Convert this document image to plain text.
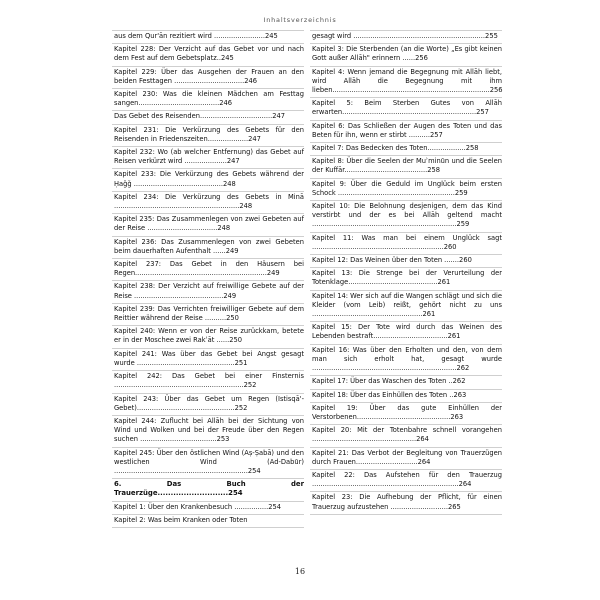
Inhaltsverzeichnis
aus dem Qur'ān rezitiert wird ........................245
Kapitel 228: Der Verzicht auf das Gebet vor und nach dem Fest auf dem Gebetsplatz..245
Kapitel 229: Über das Ausgehen der Frauen an den beiden Festtagen .................................246
Kapitel 230: Was die kleinen Mädchen am Festtag sangen......................................246
Das Gebet des Reisenden..................................247
Kapitel 231: Die Verkürzung des Gebets für den Reisenden in Friedenszeiten...................247
Kapitel 232: Wo (ab welcher Entfernung) das Gebet auf Reisen verkürzt wird ....................247
Kapitel 233: Die Verkürzung des Gebets während der Ḥaǧǧ ..........................................248
Kapitel 234: Die Verkürzung des Gebets in Minā ...........................................................248
Kapitel 235: Das Zusammenlegen von zwei Gebeten auf der Reise .................................248
Kapitel 236: Das Zusammenlegen von zwei Gebeten beim dauerhaften Aufenthalt ......249
Kapitel 237: Das Gebet in den Häusern bei Regen..............................................................249
Kapitel 238: Der Verzicht auf freiwillige Gebete auf der Reise ..........................................249
Kapitel 239: Das Verrichten freiwilliger Gebete auf dem Reittier während der Reise ..........250
Kapitel 240: Wenn er von der Reise zurückkam, betete er in der Moschee zwei Rakʿāt ......250
Kapitel 241: Was über das Gebet bei Angst gesagt wurde ..............................................251
Kapitel 242: Das Gebet bei einer Finsternis .............................................................252
Kapitel 243: Über das Gebet um Regen (Istisqā'-Gebet)..............................................252
Kapitel 244: Zuflucht bei Allāh bei der Sichtung von Wind und Wolken und bei der Freude über den Regen suchen ....................................253
Kapitel 245: Über den östlichen Wind (Aṣ-Ṣabā) und den westlichen Wind (Ad-Dabūr) ...............................................................254
6. Das Buch der Trauerzüge...........................254
Kapitel 1: Über den Krankenbesuch ................254
Kapitel 2: Was beim Kranken oder Toten
gesagt wird ..............................................................255
Kapitel 3: Die Sterbenden (an die Worte) „Es gibt keinen Gott außer Allāh" erinnern ......256
Kapitel 4: Wenn jemand die Begegnung mit Allāh liebt, wird Allāh die Begegnung mit ihm lieben..........................................................................256
Kapitel 5: Beim Sterben Gutes von Allāh erwarten...............................................................257
Kapitel 6: Das Schließen der Augen des Toten und das Beten für ihn, wenn er stirbt ..........257
Kapitel 7: Das Bedecken des Toten..................258
Kapitel 8: Über die Seelen der Muʾminūn und die Seelen der Kuffār.......................................258
Kapitel 9: Über die Geduld im Unglück beim ersten Schock .......................................................259
Kapitel 10: Die Belohnung desjenigen, dem das Kind verstirbt und der es bei Allāh geltend macht ....................................................................259
Kapitel 11: Was man bei einem Unglück sagt ..............................................................260
Kapitel 12: Das Weinen über den Toten .......260
Kapitel 13: Die Strenge bei der Verurteilung der Totenklage..........................................261
Kapitel 14: Wer sich auf die Wangen schlägt und sich die Kleider (vom Leib) reißt, gehört nicht zu uns ....................................................261
Kapitel 15: Der Tote wird durch das Weinen des Lebenden bestraft...................................261
Kapitel 16: Was über den Erholten und den, von dem man sich erholt hat, gesagt wurde ....................................................................262
Kapitel 17: Über das Waschen des Toten ..262
Kapitel 18: Über das Einhüllen des Toten ..263
Kapitel 19: Über das gute Einhüllen der Verstorbenen............................................263
Kapitel 20: Mit der Totenbahre schnell vorangehen .................................................264
Kapitel 21: Das Verbot der Begleitung von Trauerzügen durch Frauen.............................264
Kapitel 22: Das Aufstehen für den Trauerzug .....................................................................264
Kapitel 23: Die Aufhebung der Pflicht, für einen Trauerzug aufzustehen ...........................265
16
